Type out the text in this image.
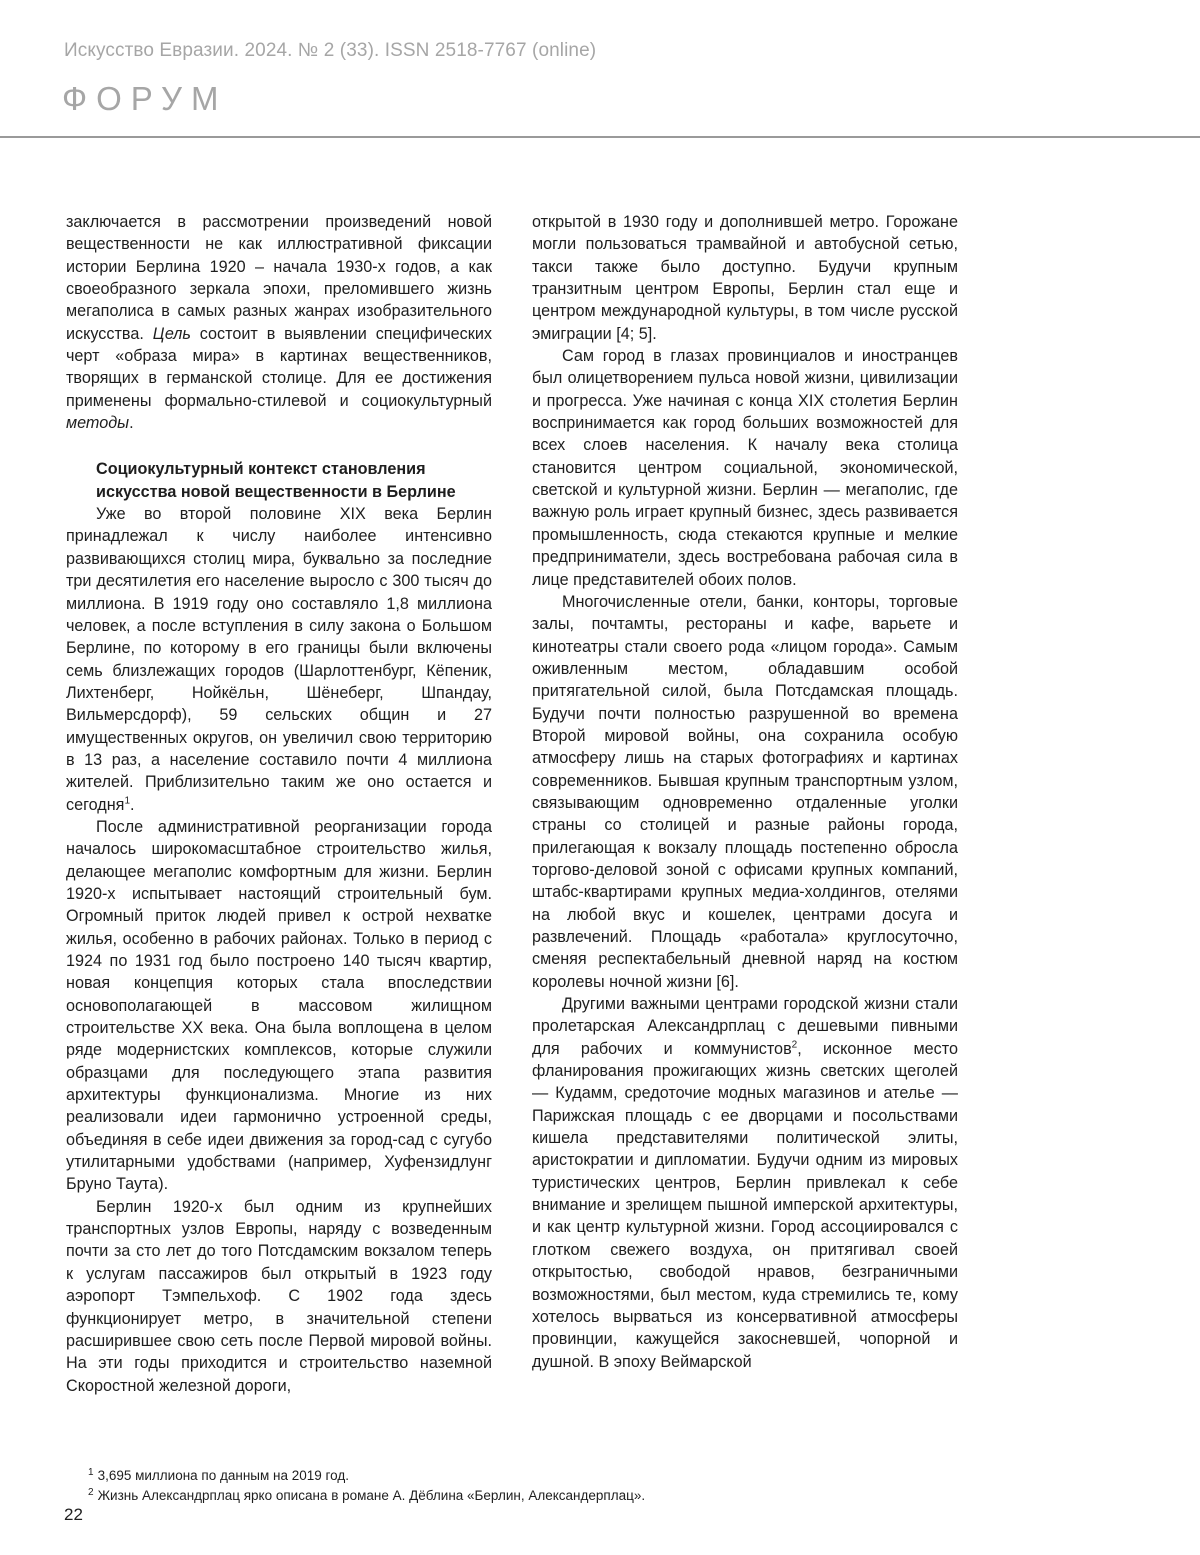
Искусство Евразии. 2024. № 2 (33). ISSN 2518-7767 (online)
ФОРУМ

заключается в рассмотрении произведений новой вещественности не как иллюстративной фиксации истории Берлина 1920 – начала 1930-х годов, а как своеобразного зеркала эпохи, преломившего жизнь мегаполиса в самых разных жанрах изобразительного искусства. Цель состоит в выявлении специфических черт «образа мира» в картинах вещественников, творящих в германской столице. Для ее достижения применены формально-стилевой и социокультурный методы.

Социокультурный контекст становления искусства новой вещественности в Берлине

Уже во второй половине XIX века Берлин принадлежал к числу наиболее интенсивно развивающихся столиц мира, буквально за последние три десятилетия его население выросло с 300 тысяч до миллиона. В 1919 году оно составляло 1,8 миллиона человек, а после вступления в силу закона о Большом Берлине, по которому в его границы были включены семь близлежащих городов (Шарлоттенбург, Кёпеник, Лихтенберг, Нойкёльн, Шёнеберг, Шпандау, Вильмерсдорф), 59 сельских общин и 27 имущественных округов, он увеличил свою территорию в 13 раз, а население составило почти 4 миллиона жителей. Приблизительно таким же оно остается и сегодня$^1$.

После административной реорганизации города началось широкомасштабное строительство жилья, делающее мегаполис комфортным для жизни. Берлин 1920-х испытывает настоящий строительный бум. Огромный приток людей привел к острой нехватке жилья, особенно в рабочих районах. Только в период с 1924 по 1931 год было построено 140 тысяч квартир, новая концепция которых стала впоследствии основополагающей в массовом жилищном строительстве XX века. Она была воплощена в целом ряде модернистских комплексов, которые служили образцами для последующего этапа развития архитектуры функционализма. Многие из них реализовали идеи гармонично устроенной среды, объединяя в себе идеи движения за город-сад с сугубо утилитарными удобствами (например, Хуфензидлунг Бруно Таута).

Берлин 1920-х был одним из крупнейших транспортных узлов Европы, наряду с возведенным почти за сто лет до того Потсдамским вокзалом теперь к услугам пассажиров был открытый в 1923 году аэропорт Тэмпельхоф. С 1902 года здесь функционирует метро, в значительной степени расширившее свою сеть после Первой мировой войны. На эти годы приходится и строительство наземной Скоростной железной дороги,

открытой в 1930 году и дополнившей метро. Горожане могли пользоваться трамвайной и автобусной сетью, такси также было доступно. Будучи крупным транзитным центром Европы, Берлин стал еще и центром международной культуры, в том числе русской эмиграции [4; 5].

Сам город в глазах провинциалов и иностранцев был олицетворением пульса новой жизни, цивилизации и прогресса. Уже начиная с конца XIX столетия Берлин воспринимается как город больших возможностей для всех слоев населения. К началу века столица становится центром социальной, экономической, светской и культурной жизни. Берлин — мегаполис, где важную роль играет крупный бизнес, здесь развивается промышленность, сюда стекаются крупные и мелкие предприниматели, здесь востребована рабочая сила в лице представителей обоих полов.

Многочисленные отели, банки, конторы, торговые залы, почтамты, рестораны и кафе, варьете и кинотеатры стали своего рода «лицом города». Самым оживленным местом, обладавшим особой притягательной силой, была Потсдамская площадь. Будучи почти полностью разрушенной во времена Второй мировой войны, она сохранила особую атмосферу лишь на старых фотографиях и картинах современников. Бывшая крупным транспортным узлом, связывающим одновременно отдаленные уголки страны со столицей и разные районы города, прилегающая к вокзалу площадь постепенно обросла торгово-деловой зоной с офисами крупных компаний, штабс-квартирами крупных медиа-холдингов, отелями на любой вкус и кошелек, центрами досуга и развлечений. Площадь «работала» круглосуточно, сменяя респектабельный дневной наряд на костюм королевы ночной жизни [6].

Другими важными центрами городской жизни стали пролетарская Александрплац с дешевыми пивными для рабочих и коммунистов$^2$, исконное место фланирования прожигающих жизнь светских щеголей — Кудамм, средоточие модных магазинов и ателье — Парижская площадь с ее дворцами и посольствами кишела представителями политической элиты, аристократии и дипломатии. Будучи одним из мировых туристических центров, Берлин привлекал к себе внимание и зрелищем пышной имперской архитектуры, и как центр культурной жизни. Город ассоциировался с глотком свежего воздуха, он притягивал своей открытостью, свободой нравов, безграничными возможностями, был местом, куда стремились те, кому хотелось вырваться из консервативной атмосферы провинции, кажущейся закосневшей, чопорной и душной. В эпоху Веймарской

$^1$ 3,695 миллиона по данным на 2019 год.
$^2$ Жизнь Александрплац ярко описана в романе А. Дёблина «Берлин, Александерплац».
22
